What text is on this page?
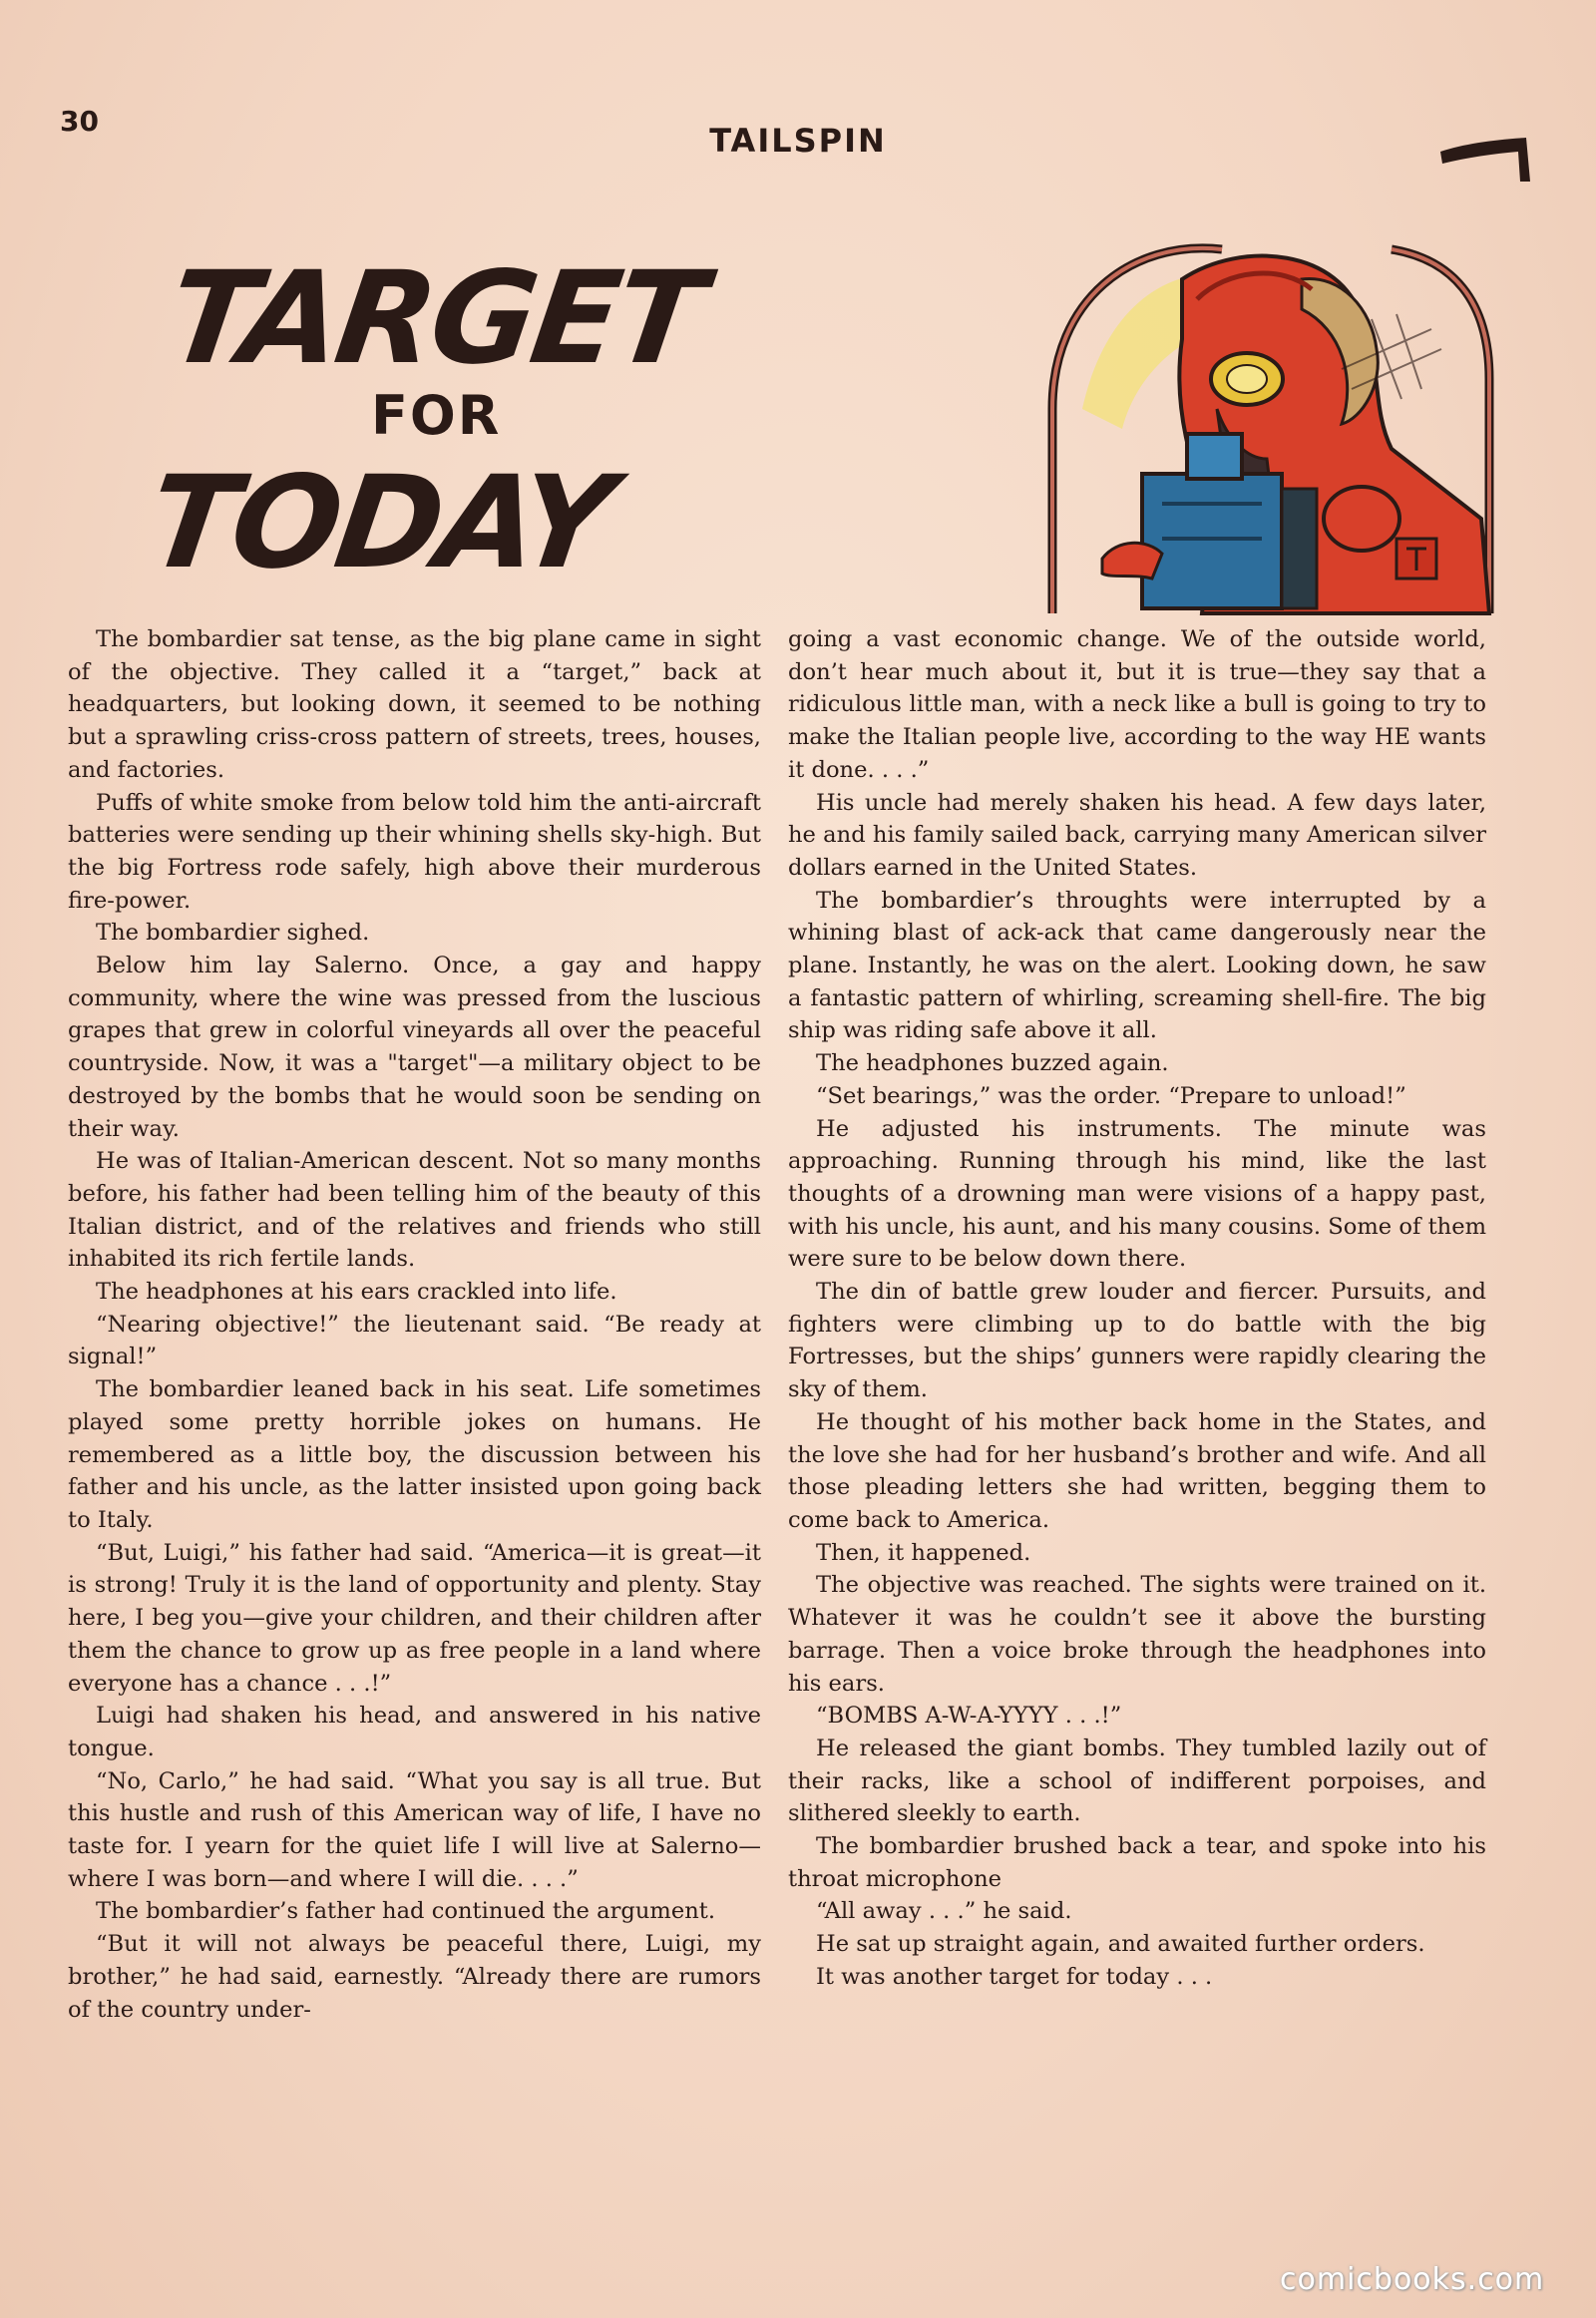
30
TAILSPIN
TARGET
FOR
TODAY

The bombardier sat tense, as the big plane came in sight of the objective. They called it a “target,” back at headquarters, but looking down, it seemed to be nothing but a sprawling criss-cross pattern of streets, trees, houses, and factories.

Puffs of white smoke from below told him the anti-aircraft batteries were sending up their whining shells sky-high. But the big Fortress rode safely, high above their murderous fire-power.

The bombardier sighed.

Below him lay Salerno. Once, a gay and happy community, where the wine was pressed from the luscious grapes that grew in colorful vineyards all over the peaceful countryside. Now, it was a "target"—a military object to be destroyed by the bombs that he would soon be sending on their way.

He was of Italian-American descent. Not so many months before, his father had been telling him of the beauty of this Italian district, and of the relatives and friends who still inhabited its rich fertile lands.

The headphones at his ears crackled into life.

“Nearing objective!” the lieutenant said. “Be ready at signal!”

The bombardier leaned back in his seat. Life sometimes played some pretty horrible jokes on humans. He remembered as a little boy, the discussion between his father and his uncle, as the latter insisted upon going back to Italy.

“But, Luigi,” his father had said. “America—it is great—it is strong! Truly it is the land of opportunity and plenty. Stay here, I beg you—give your children, and their children after them the chance to grow up as free people in a land where everyone has a chance . . .!”

Luigi had shaken his head, and answered in his native tongue.

“No, Carlo,” he had said. “What you say is all true. But this hustle and rush of this American way of life, I have no taste for. I yearn for the quiet life I will live at Salerno—where I was born—and where I will die. . . .”

The bombardier’s father had continued the argument.

“But it will not always be peaceful there, Luigi, my brother,” he had said, earnestly. “Already there are rumors of the country under-

going a vast economic change. We of the outside world, don’t hear much about it, but it is true—they say that a ridiculous little man, with a neck like a bull is going to try to make the Italian people live, according to the way HE wants it done. . . .”

His uncle had merely shaken his head. A few days later, he and his family sailed back, carrying many American silver dollars earned in the United States.

The bombardier’s throughts were interrupted by a whining blast of ack-ack that came dangerously near the plane. Instantly, he was on the alert. Looking down, he saw a fantastic pattern of whirling, screaming shell-fire. The big ship was riding safe above it all.

The headphones buzzed again.

“Set bearings,” was the order. “Prepare to unload!”

He adjusted his instruments. The minute was approaching. Running through his mind, like the last thoughts of a drowning man were visions of a happy past, with his uncle, his aunt, and his many cousins. Some of them were sure to be below down there.

The din of battle grew louder and fiercer. Pursuits, and fighters were climbing up to do battle with the big Fortresses, but the ships’ gunners were rapidly clearing the sky of them.

He thought of his mother back home in the States, and the love she had for her husband’s brother and wife. And all those pleading letters she had written, begging them to come back to America.

Then, it happened.

The objective was reached. The sights were trained on it. Whatever it was he couldn’t see it above the bursting barrage. Then a voice broke through the headphones into his ears.

“BOMBS A-W-A-YYYY . . .!”

He released the giant bombs. They tumbled lazily out of their racks, like a school of indifferent porpoises, and slithered sleekly to earth.

The bombardier brushed back a tear, and spoke into his throat microphone

“All away . . .” he said.

He sat up straight again, and awaited further orders.

It was another target for today . . .

comicbooks.com
